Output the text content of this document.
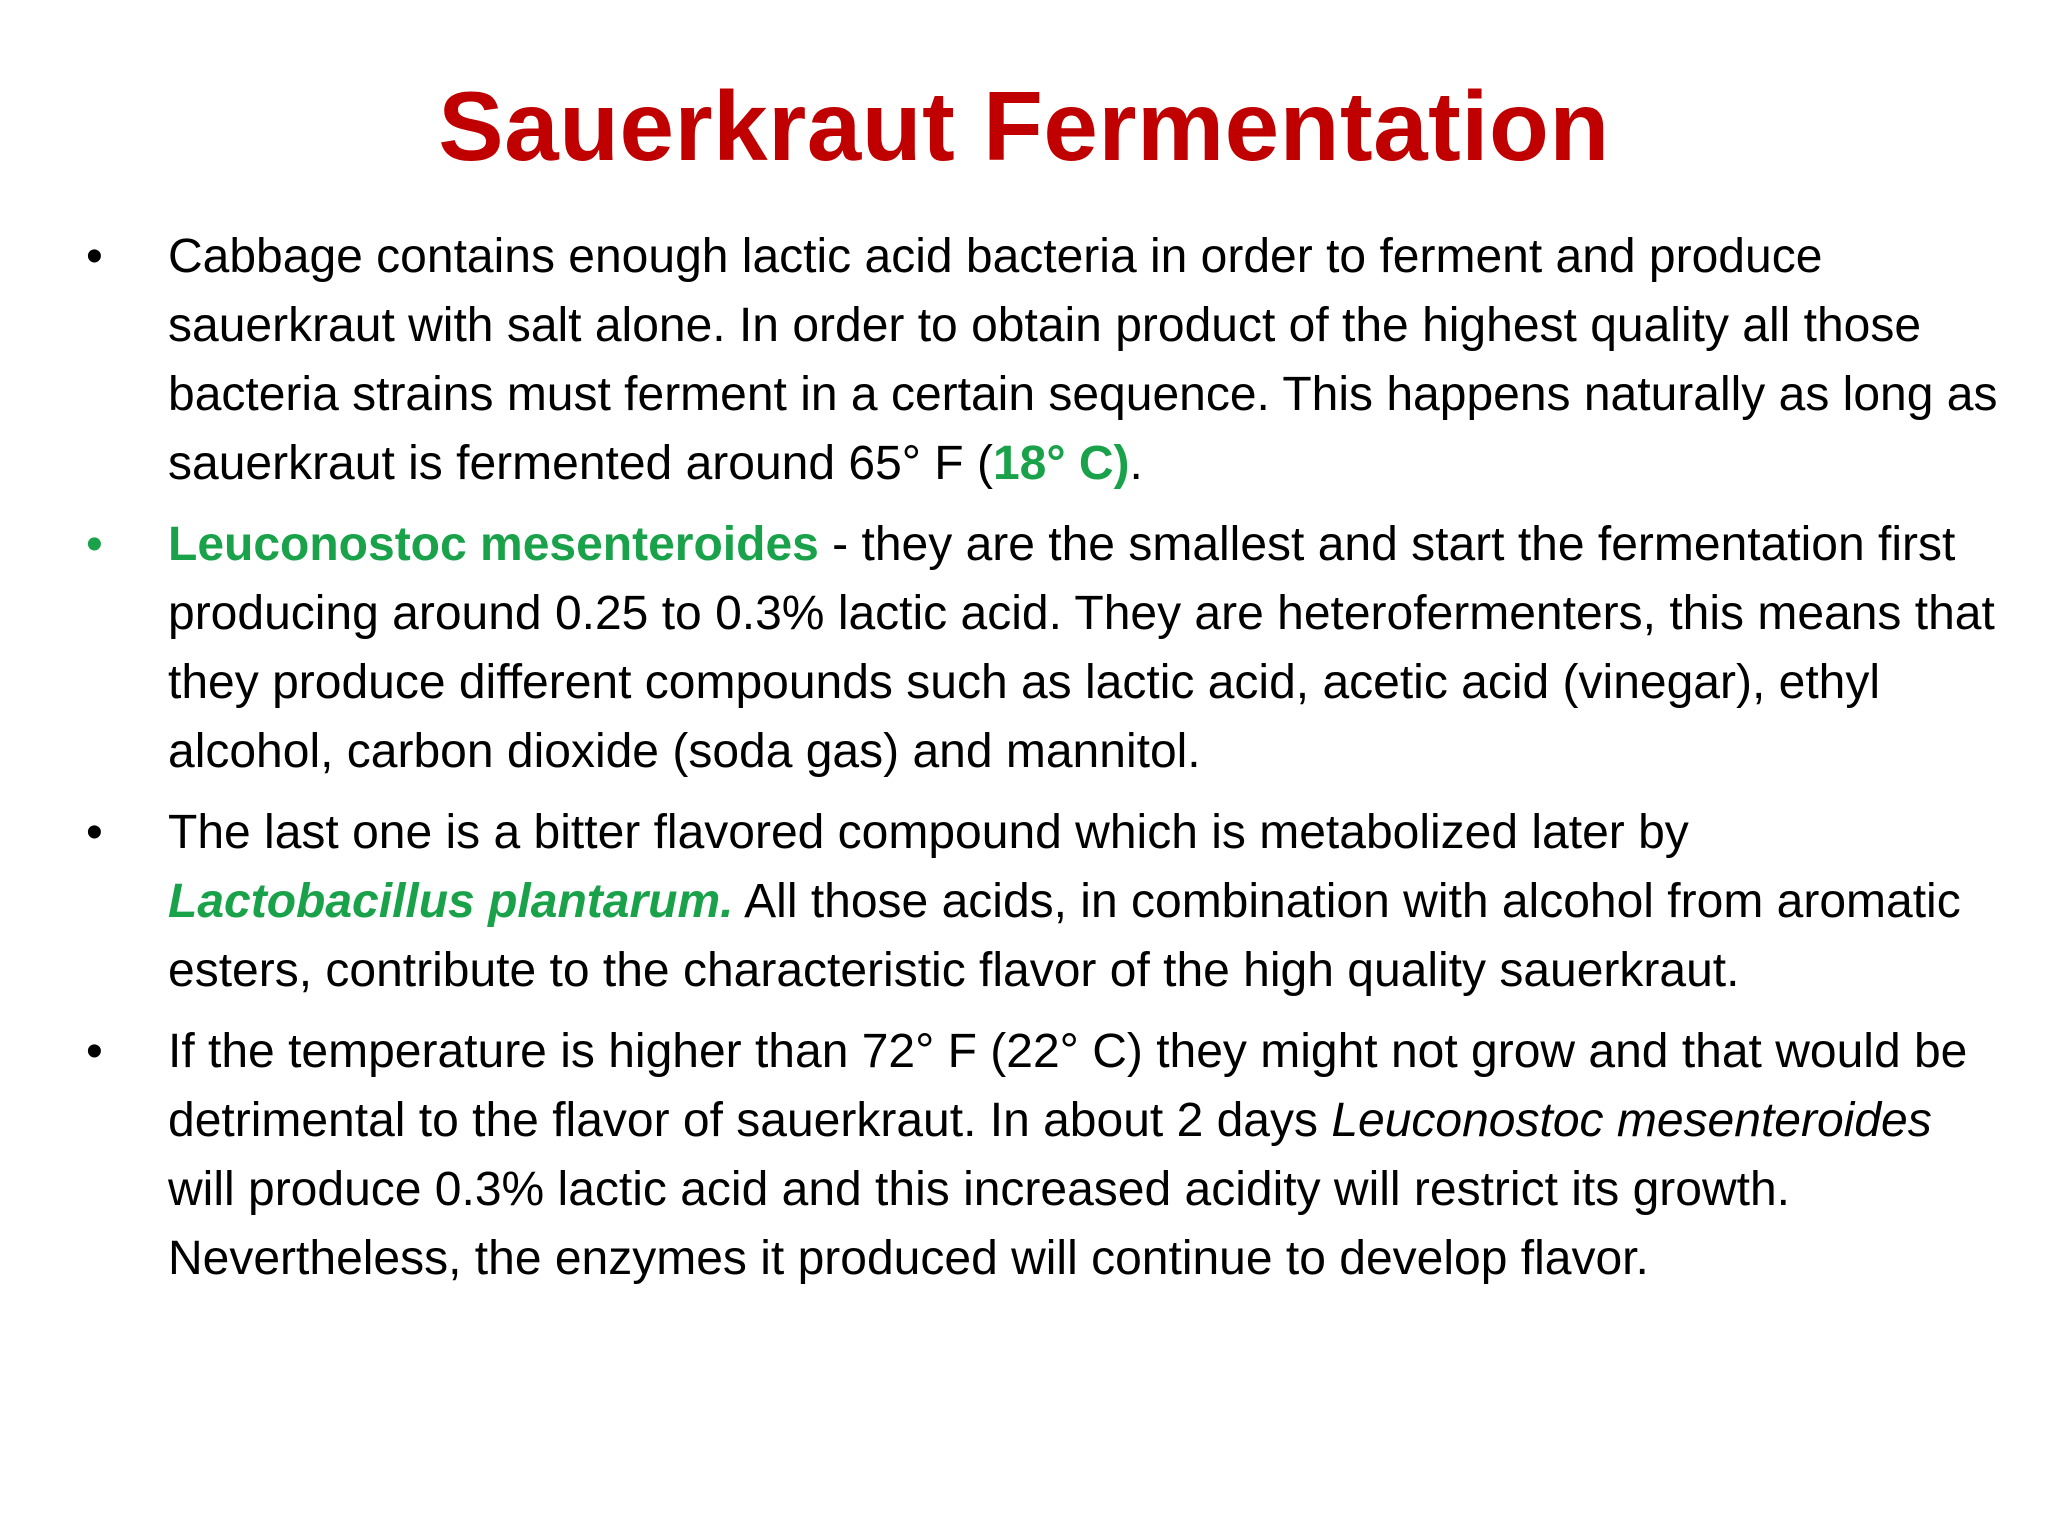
Sauerkraut Fermentation
•	Cabbage contains enough lactic acid bacteria in order to ferment and produce sauerkraut with salt alone. In order to obtain product of the highest quality all those bacteria strains must ferment in a certain sequence. This happens naturally as long as sauerkraut is fermented around 65° F (18° C).
•	Leuconostoc mesenteroides - they are the smallest and start the fermentation first producing around 0.25 to 0.3% lactic acid. They are heterofermenters, this means that they produce different compounds such as lactic acid, acetic acid (vinegar), ethyl alcohol, carbon dioxide (soda gas) and mannitol.
•	The last one is a bitter flavored compound which is metabolized later by Lactobacillus plantarum. All those acids, in combination with alcohol from aromatic esters, contribute to the characteristic flavor of the high quality sauerkraut.
•	If the temperature is higher than 72° F (22° C) they might not grow and that would be detrimental to the flavor of sauerkraut. In about 2 days Leuconostoc mesenteroides will produce 0.3% lactic acid and this increased acidity will restrict its growth. Nevertheless, the enzymes it produced will continue to develop flavor.
